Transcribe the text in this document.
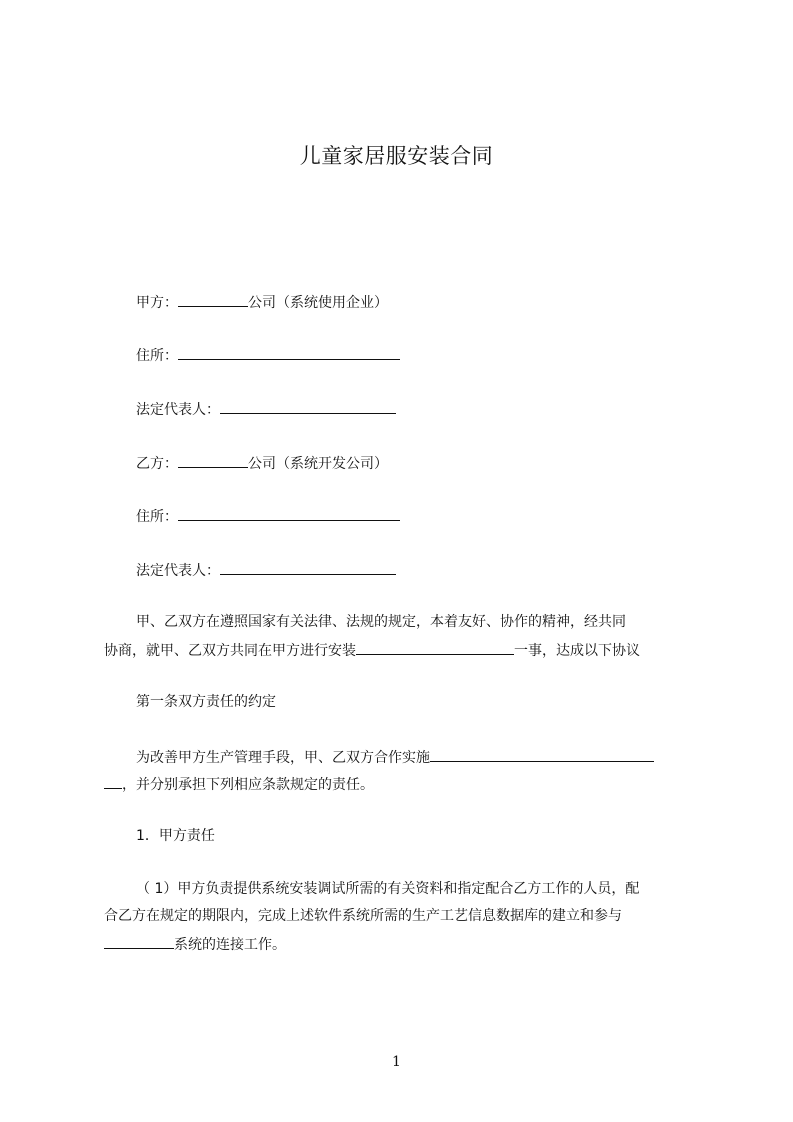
儿童家居服安装合同
甲方：	公司（系统使用企业）
住所：
法定代表人：
乙方：	公司（系统开发公司）
住所：
法定代表人：
甲、乙双方在遵照国家有关法律、法规的规定，本着友好、协作的精神，经共同
协商，就甲、乙双方共同在甲方进行安装	一事，达成以下协议
第一条双方责任的约定
为改善甲方生产管理手段，甲、乙双方合作实施
，并分别承担下列相应条款规定的责任。
1．甲方责任
（ 1）甲方负责提供系统安装调试所需的有关资料和指定配合乙方工作的人员，配
合乙方在规定的期限内，完成上述软件系统所需的生产工艺信息数据库的建立和参与
系统的连接工作。
1
